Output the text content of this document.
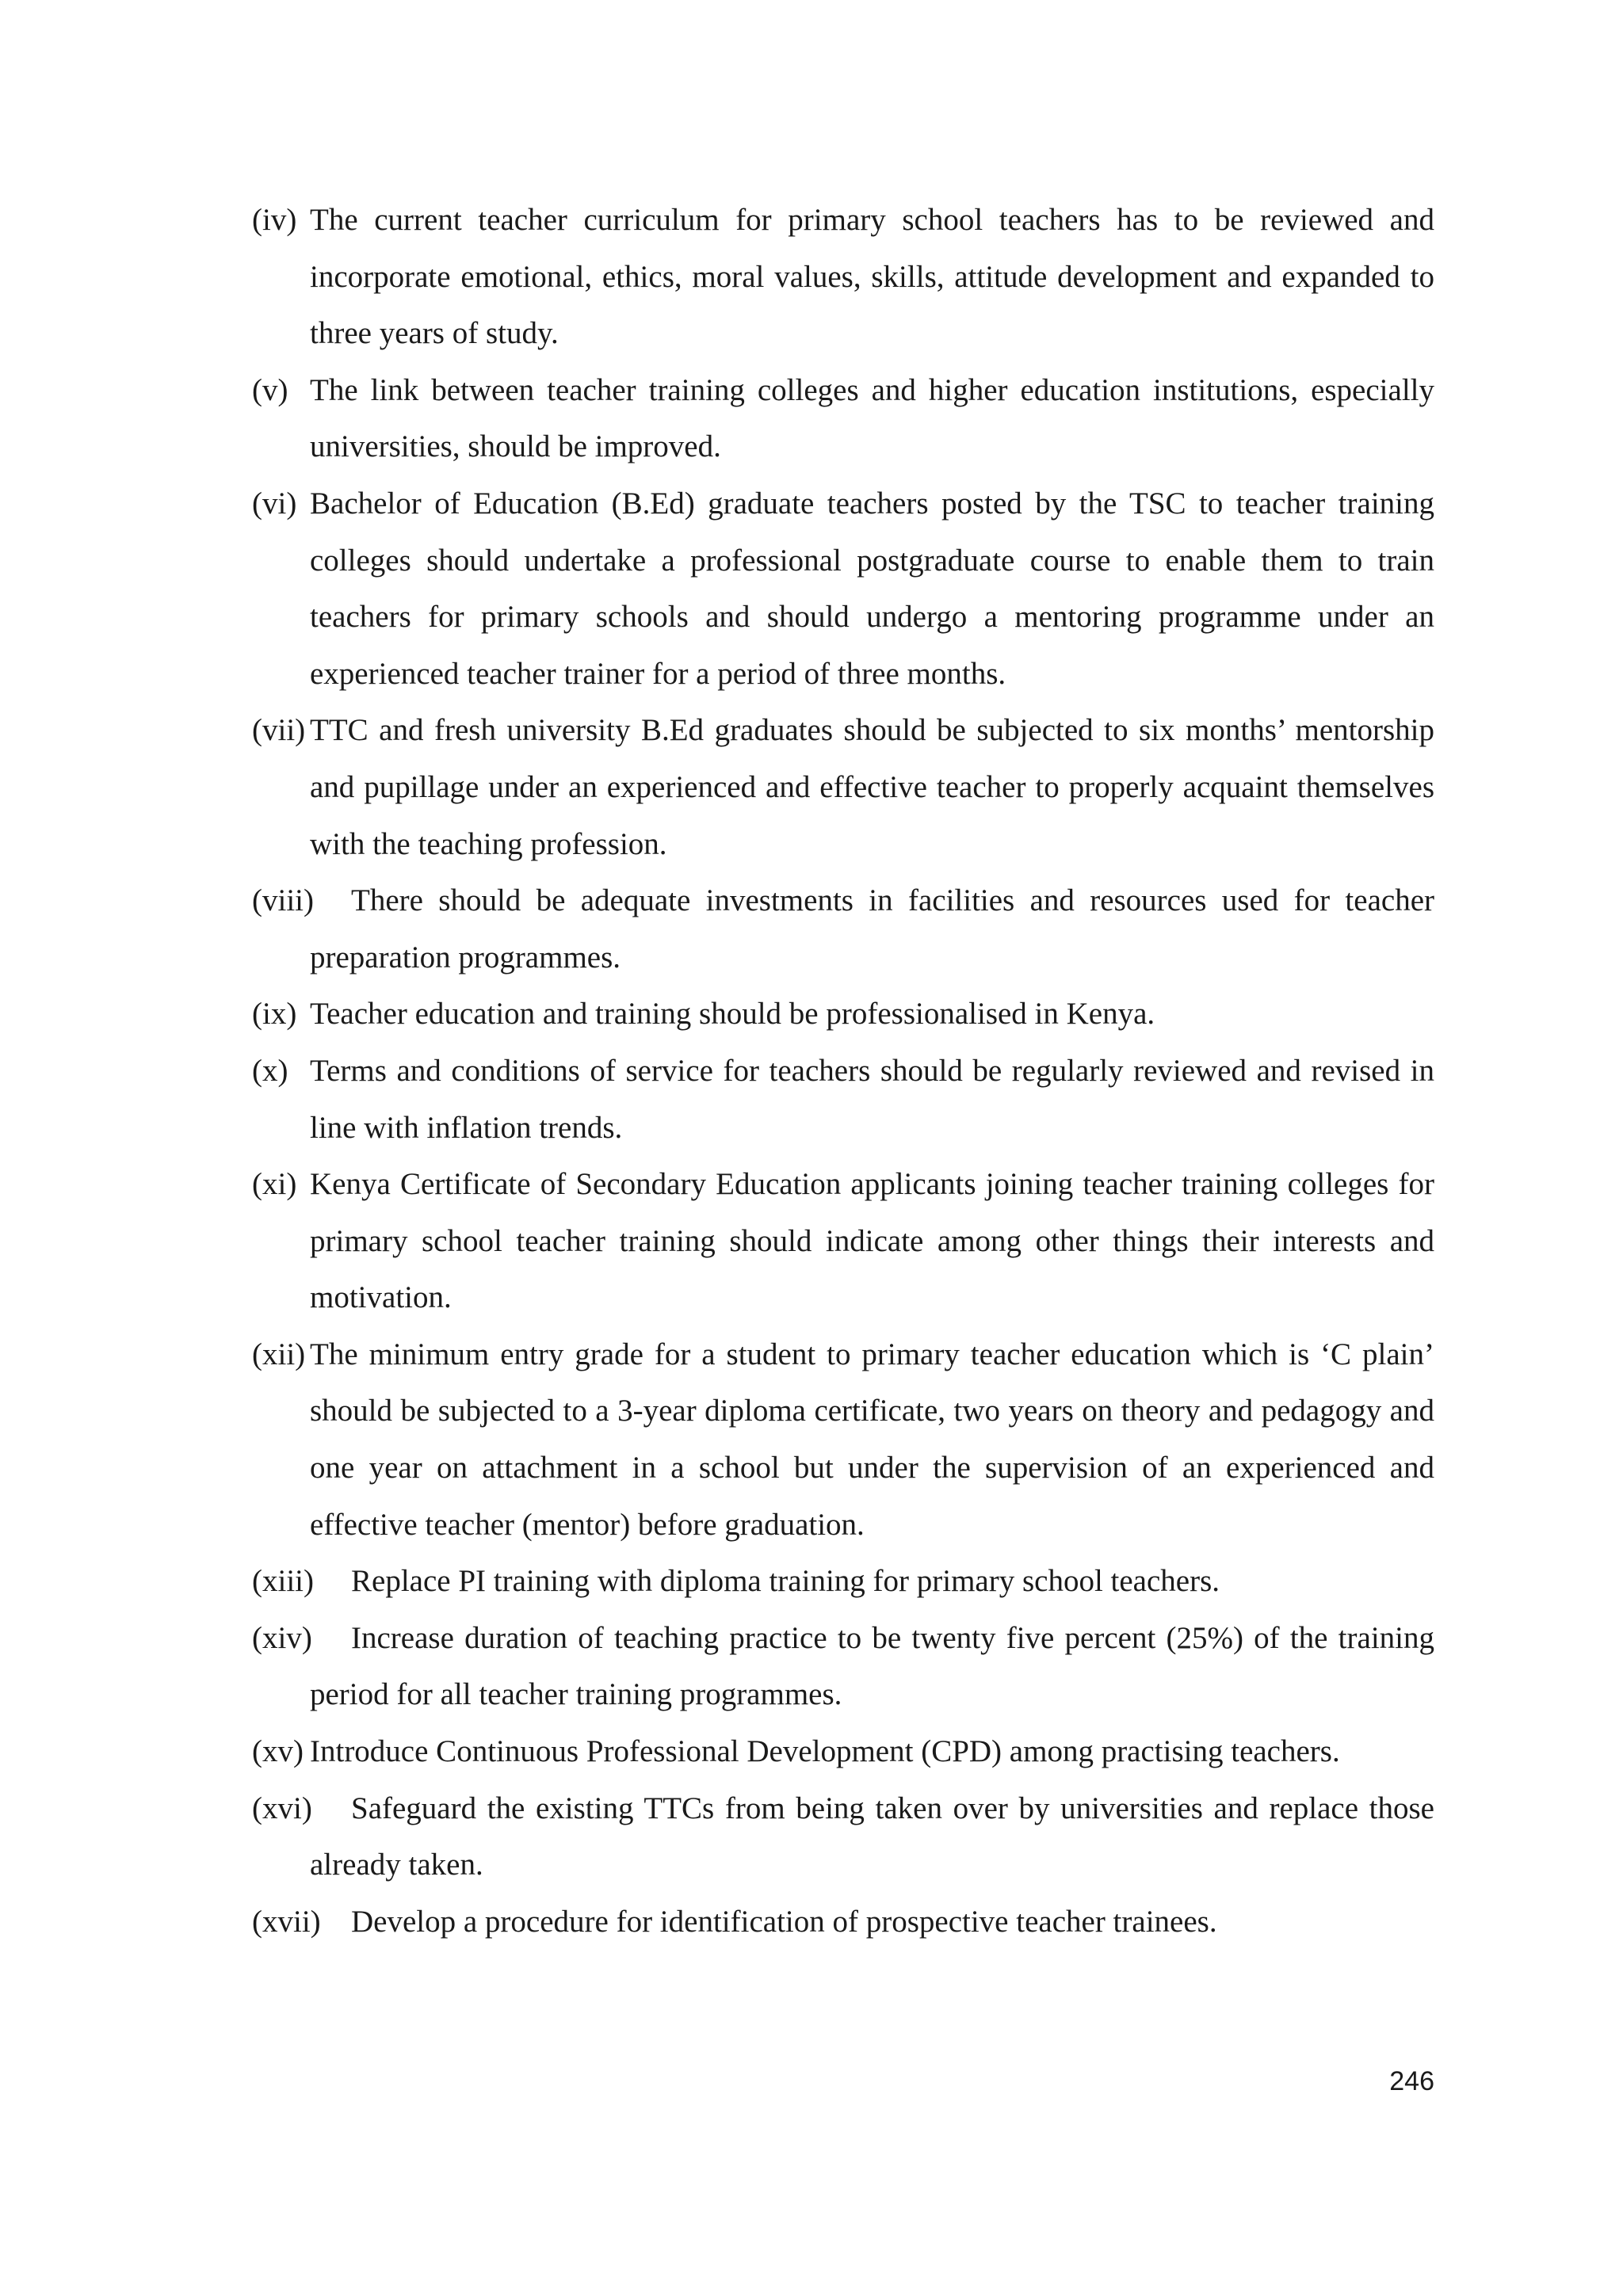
(iv) The current teacher curriculum for primary school teachers has to be reviewed and incorporate emotional, ethics, moral values, skills, attitude development and expanded to three years of study.

(v) The link between teacher training colleges and higher education institutions, especially universities, should be improved.

(vi) Bachelor of Education (B.Ed) graduate teachers posted by the TSC to teacher training colleges should undertake a professional postgraduate course to enable them to train teachers for primary schools and should undergo a mentoring programme under an experienced teacher trainer for a period of three months.

(vii) TTC and fresh university B.Ed graduates should be subjected to six months’ mentorship and pupillage under an experienced and effective teacher to properly acquaint themselves with the teaching profession.

(viii) There should be adequate investments in facilities and resources used for teacher preparation programmes.

(ix) Teacher education and training should be professionalised in Kenya.

(x) Terms and conditions of service for teachers should be regularly reviewed and revised in line with inflation trends.

(xi) Kenya Certificate of Secondary Education applicants joining teacher training colleges for primary school teacher training should indicate among other things their interests and motivation.

(xii) The minimum entry grade for a student to primary teacher education which is ‘C plain’ should be subjected to a 3-year diploma certificate, two years on theory and pedagogy and one year on attachment in a school but under the supervision of an experienced and effective teacher (mentor) before graduation.

(xiii) Replace PI training with diploma training for primary school teachers.

(xiv) Increase duration of teaching practice to be twenty five percent (25%) of the training period for all teacher training programmes.

(xv) Introduce Continuous Professional Development (CPD) among practising teachers.

(xvi) Safeguard the existing TTCs from being taken over by universities and replace those already taken.

(xvii) Develop a procedure for identification of prospective teacher trainees.

246
